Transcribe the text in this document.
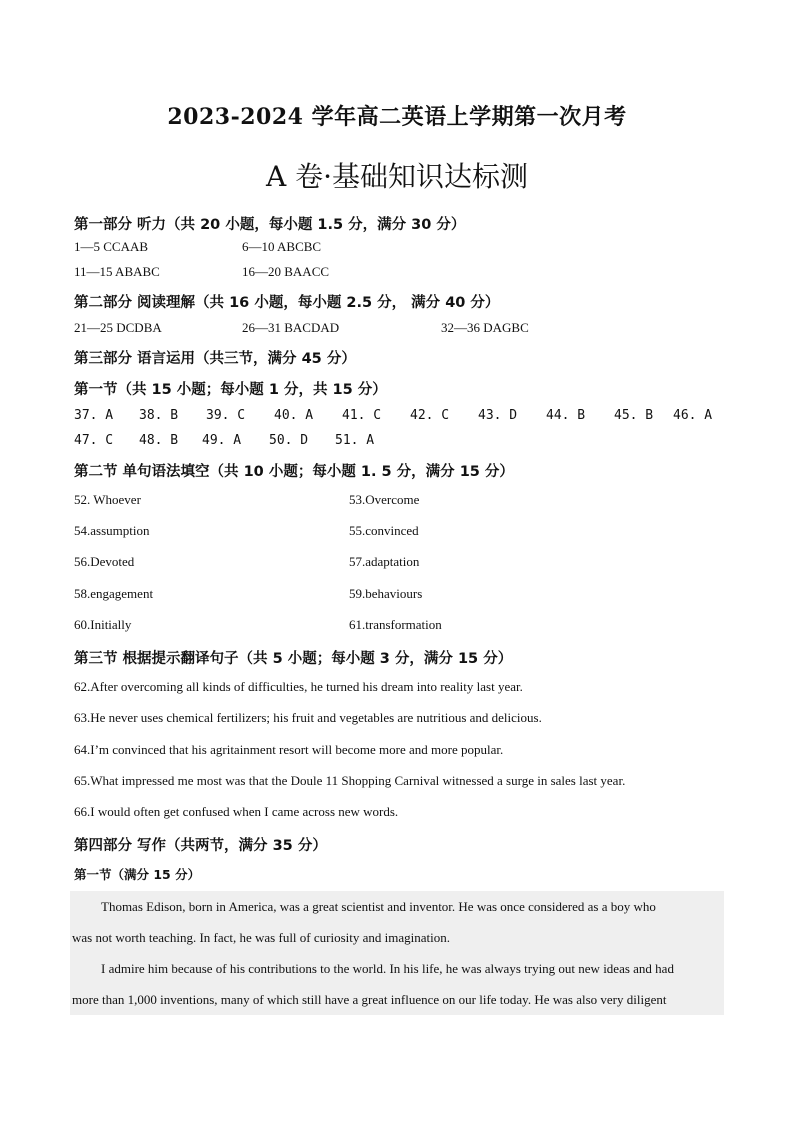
2023-2024 学年高二英语上学期第一次月考
A 卷·基础知识达标测
第一部分 听力（共 20 小题，每小题 1.5 分，满分 30 分）
1—5 CCAAB	6—10 ABCBC
11—15 ABABC	16—20 BAACC
第二部分 阅读理解（共 16 小题，每小题 2.5 分， 满分 40 分）
21—25 DCDBA	26—31 BACDAD	32—36 DAGBC
第三部分 语言运用（共三节，满分 45 分）
第一节（共 15 小题；每小题 1 分，共 15 分）
37. A 38. B 39. C 40. A 41. C 42. C 43. D 44. B 45. B 46. A
47. C 48. B 49. A 50. D 51. A
第二节 单句语法填空（共 10 小题；每小题 1. 5 分，满分 15 分）
52. Whoever	53.Overcome
54.assumption	55.convinced
56.Devoted	57.adaptation
58.engagement	59.behaviours
60.Initially	61.transformation
第三节 根据提示翻译句子（共 5 小题；每小题 3 分，满分 15 分）
62.After overcoming all kinds of difficulties, he turned his dream into reality last year.
63.He never uses chemical fertilizers; his fruit and vegetables are nutritious and delicious.
64.I’m convinced that his agritainment resort will become more and more popular.
65.What impressed me most was that the Doule 11 Shopping Carnival witnessed a surge in sales last year.
66.I would often get confused when I came across new words.
第四部分 写作（共两节，满分 35 分）
第一节（满分 15 分）
Thomas Edison, born in America, was a great scientist and inventor. He was once considered as a boy who
was not worth teaching. In fact, he was full of curiosity and imagination.
I admire him because of his contributions to the world. In his life, he was always trying out new ideas and had
more than 1,000 inventions, many of which still have a great influence on our life today. He was also very diligent
